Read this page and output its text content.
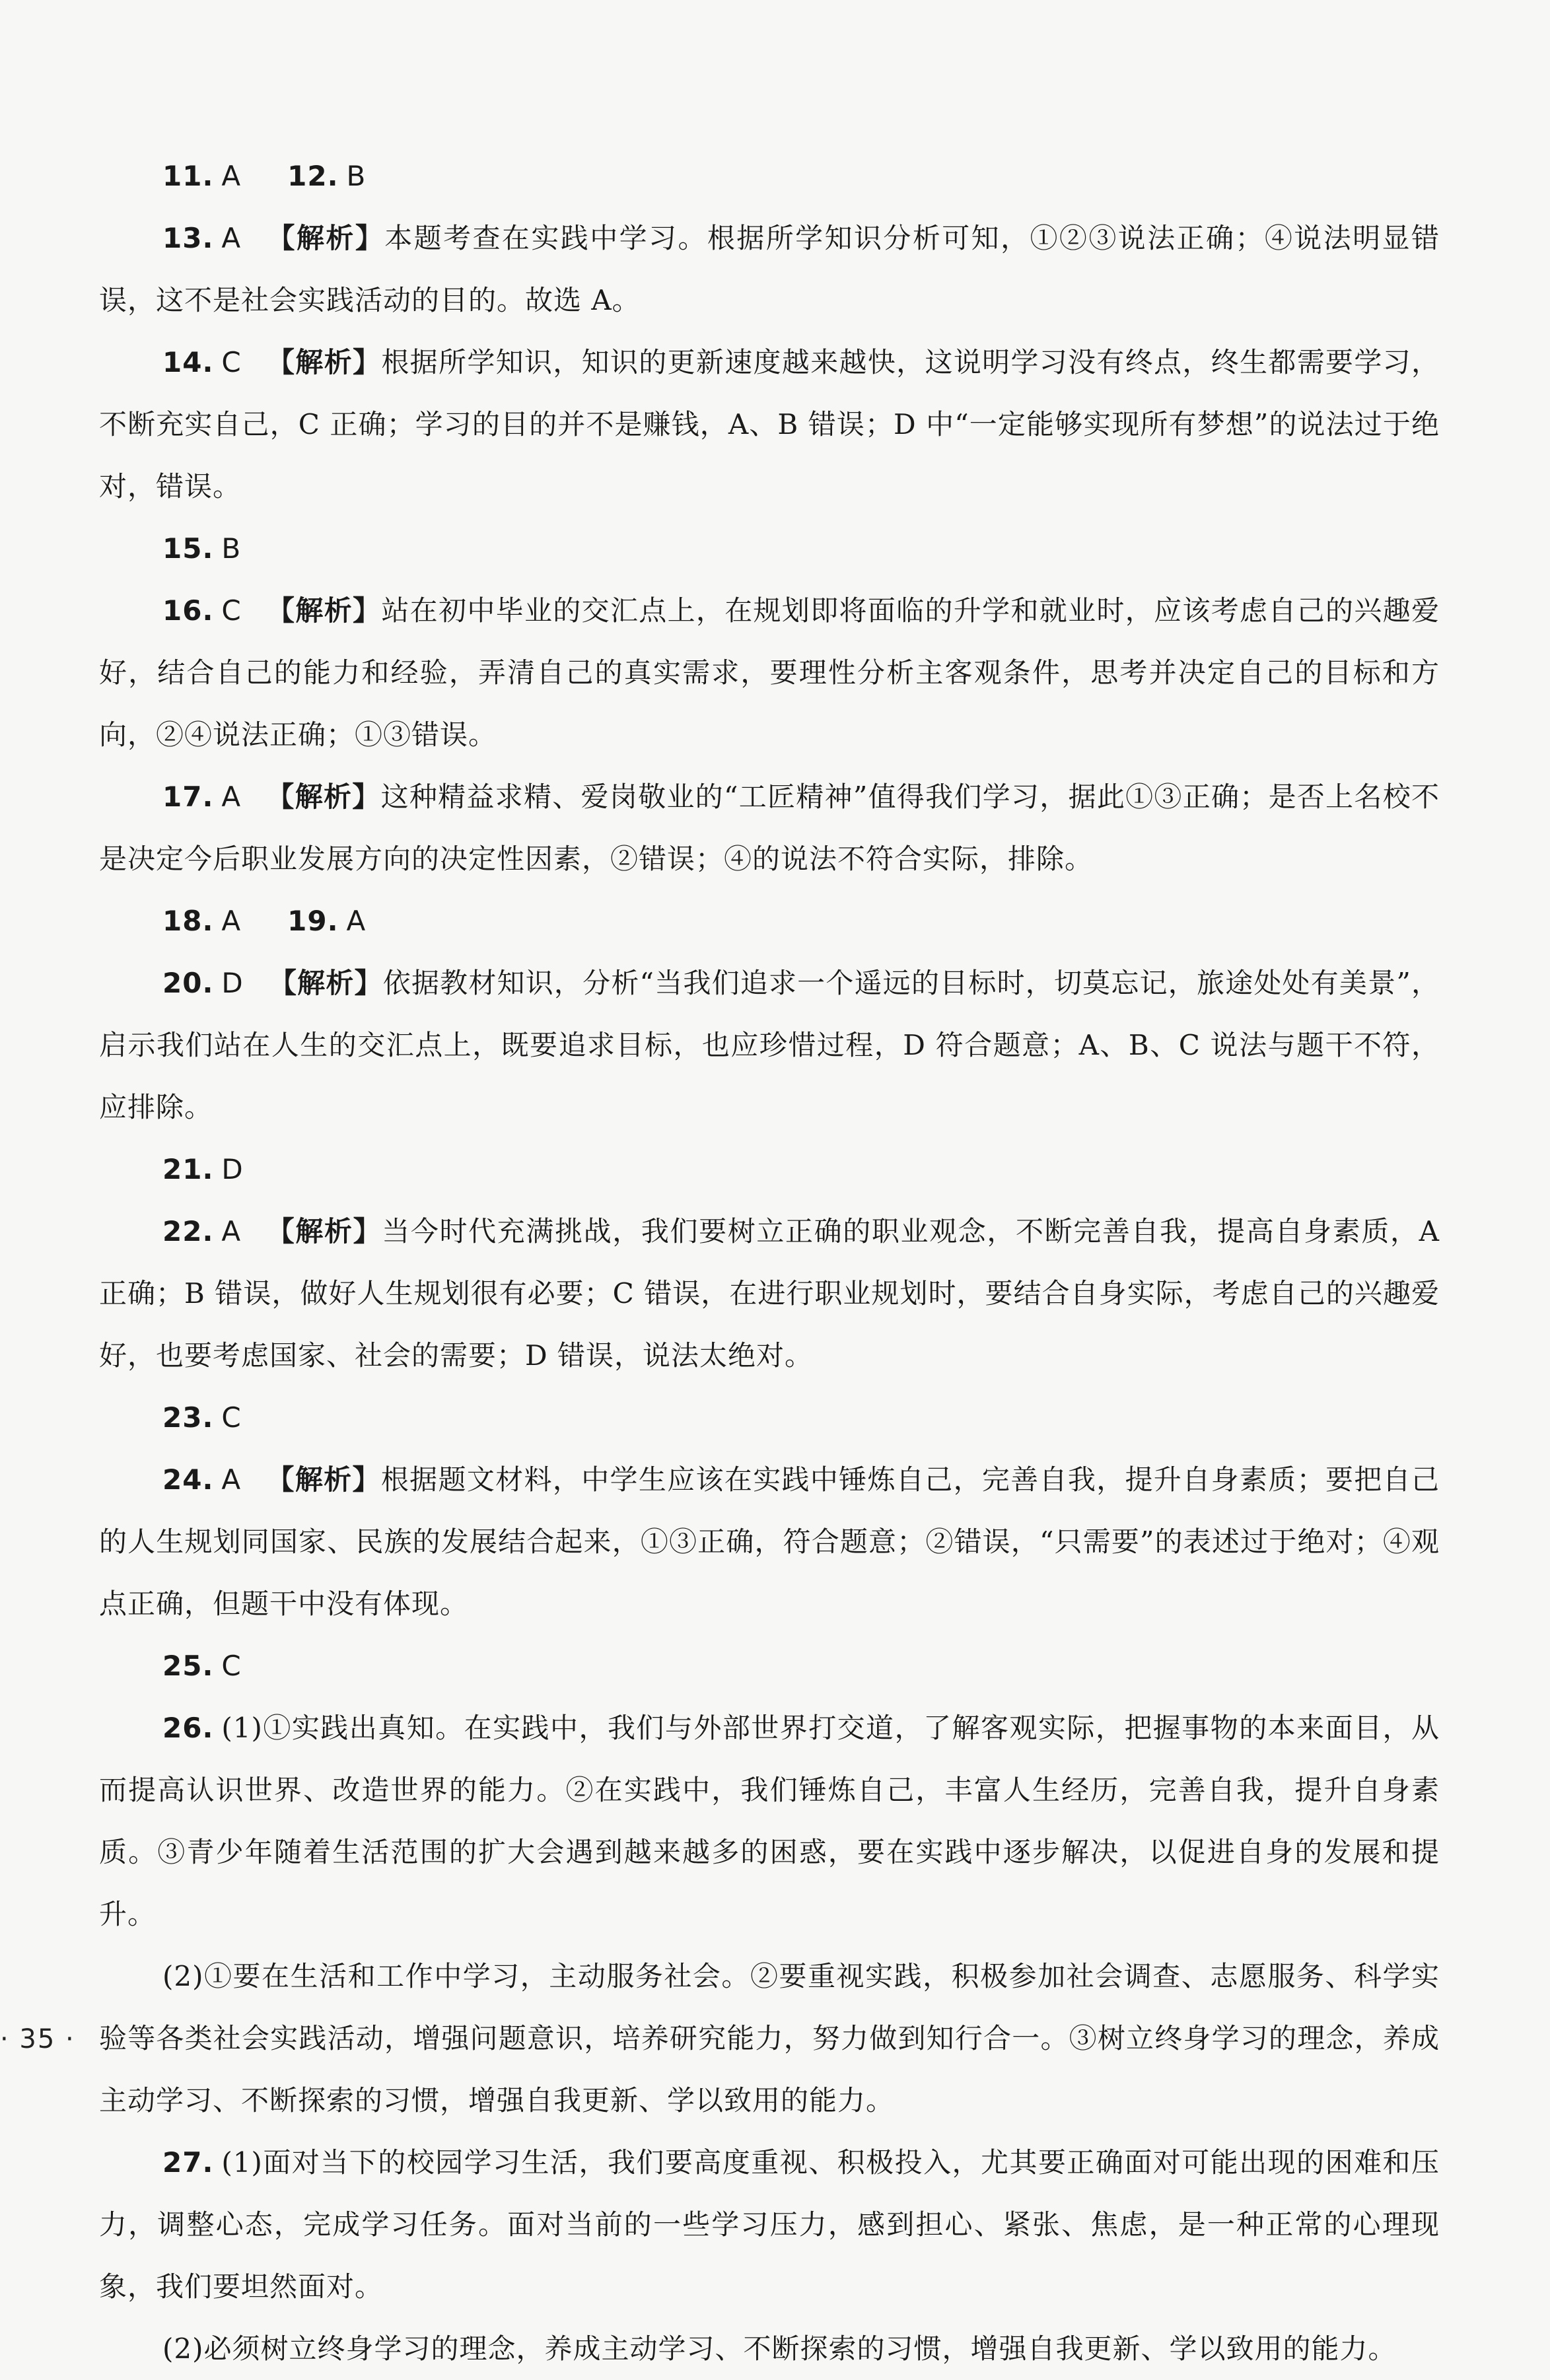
11. A 12. B
13. A 【解析】本题考查在实践中学习。根据所学知识分析可知，①②③说法正确；④说法明显错误，这不是社会实践活动的目的。故选 A。
14. C 【解析】根据所学知识，知识的更新速度越来越快，这说明学习没有终点，终生都需要学习，不断充实自己，C 正确；学习的目的并不是赚钱，A、B 错误；D 中“一定能够实现所有梦想”的说法过于绝对，错误。
15. B
16. C 【解析】站在初中毕业的交汇点上，在规划即将面临的升学和就业时，应该考虑自己的兴趣爱好，结合自己的能力和经验，弄清自己的真实需求，要理性分析主客观条件，思考并决定自己的目标和方向，②④说法正确；①③错误。
17. A 【解析】这种精益求精、爱岗敬业的“工匠精神”值得我们学习，据此①③正确；是否上名校不是决定今后职业发展方向的决定性因素，②错误；④的说法不符合实际，排除。
18. A 19. A
20. D 【解析】依据教材知识，分析“当我们追求一个遥远的目标时，切莫忘记，旅途处处有美景”，启示我们站在人生的交汇点上，既要追求目标，也应珍惜过程，D 符合题意；A、B、C 说法与题干不符，应排除。
21. D
22. A 【解析】当今时代充满挑战，我们要树立正确的职业观念，不断完善自我，提高自身素质，A 正确；B 错误，做好人生规划很有必要；C 错误，在进行职业规划时，要结合自身实际，考虑自己的兴趣爱好，也要考虑国家、社会的需要；D 错误，说法太绝对。
23. C
24. A 【解析】根据题文材料，中学生应该在实践中锤炼自己，完善自我，提升自身素质；要把自己的人生规划同国家、民族的发展结合起来，①③正确，符合题意；②错误，“只需要”的表述过于绝对；④观点正确，但题干中没有体现。
25. C
26. (1)①实践出真知。在实践中，我们与外部世界打交道，了解客观实际，把握事物的本来面目，从而提高认识世界、改造世界的能力。②在实践中，我们锤炼自己，丰富人生经历，完善自我，提升自身素质。③青少年随着生活范围的扩大会遇到越来越多的困惑，要在实践中逐步解决，以促进自身的发展和提升。
(2)①要在生活和工作中学习，主动服务社会。②要重视实践，积极参加社会调查、志愿服务、科学实验等各类社会实践活动，增强问题意识，培养研究能力，努力做到知行合一。③树立终身学习的理念，养成主动学习、不断探索的习惯，增强自我更新、学以致用的能力。
27. (1)面对当下的校园学习生活，我们要高度重视、积极投入，尤其要正确面对可能出现的困难和压力，调整心态，完成学习任务。面对当前的一些学习压力，感到担心、紧张、焦虑，是一种正常的心理现象，我们要坦然面对。
(2)必须树立终身学习的理念，养成主动学习、不断探索的习惯，增强自我更新、学以致用的能力。
· 35 ·
